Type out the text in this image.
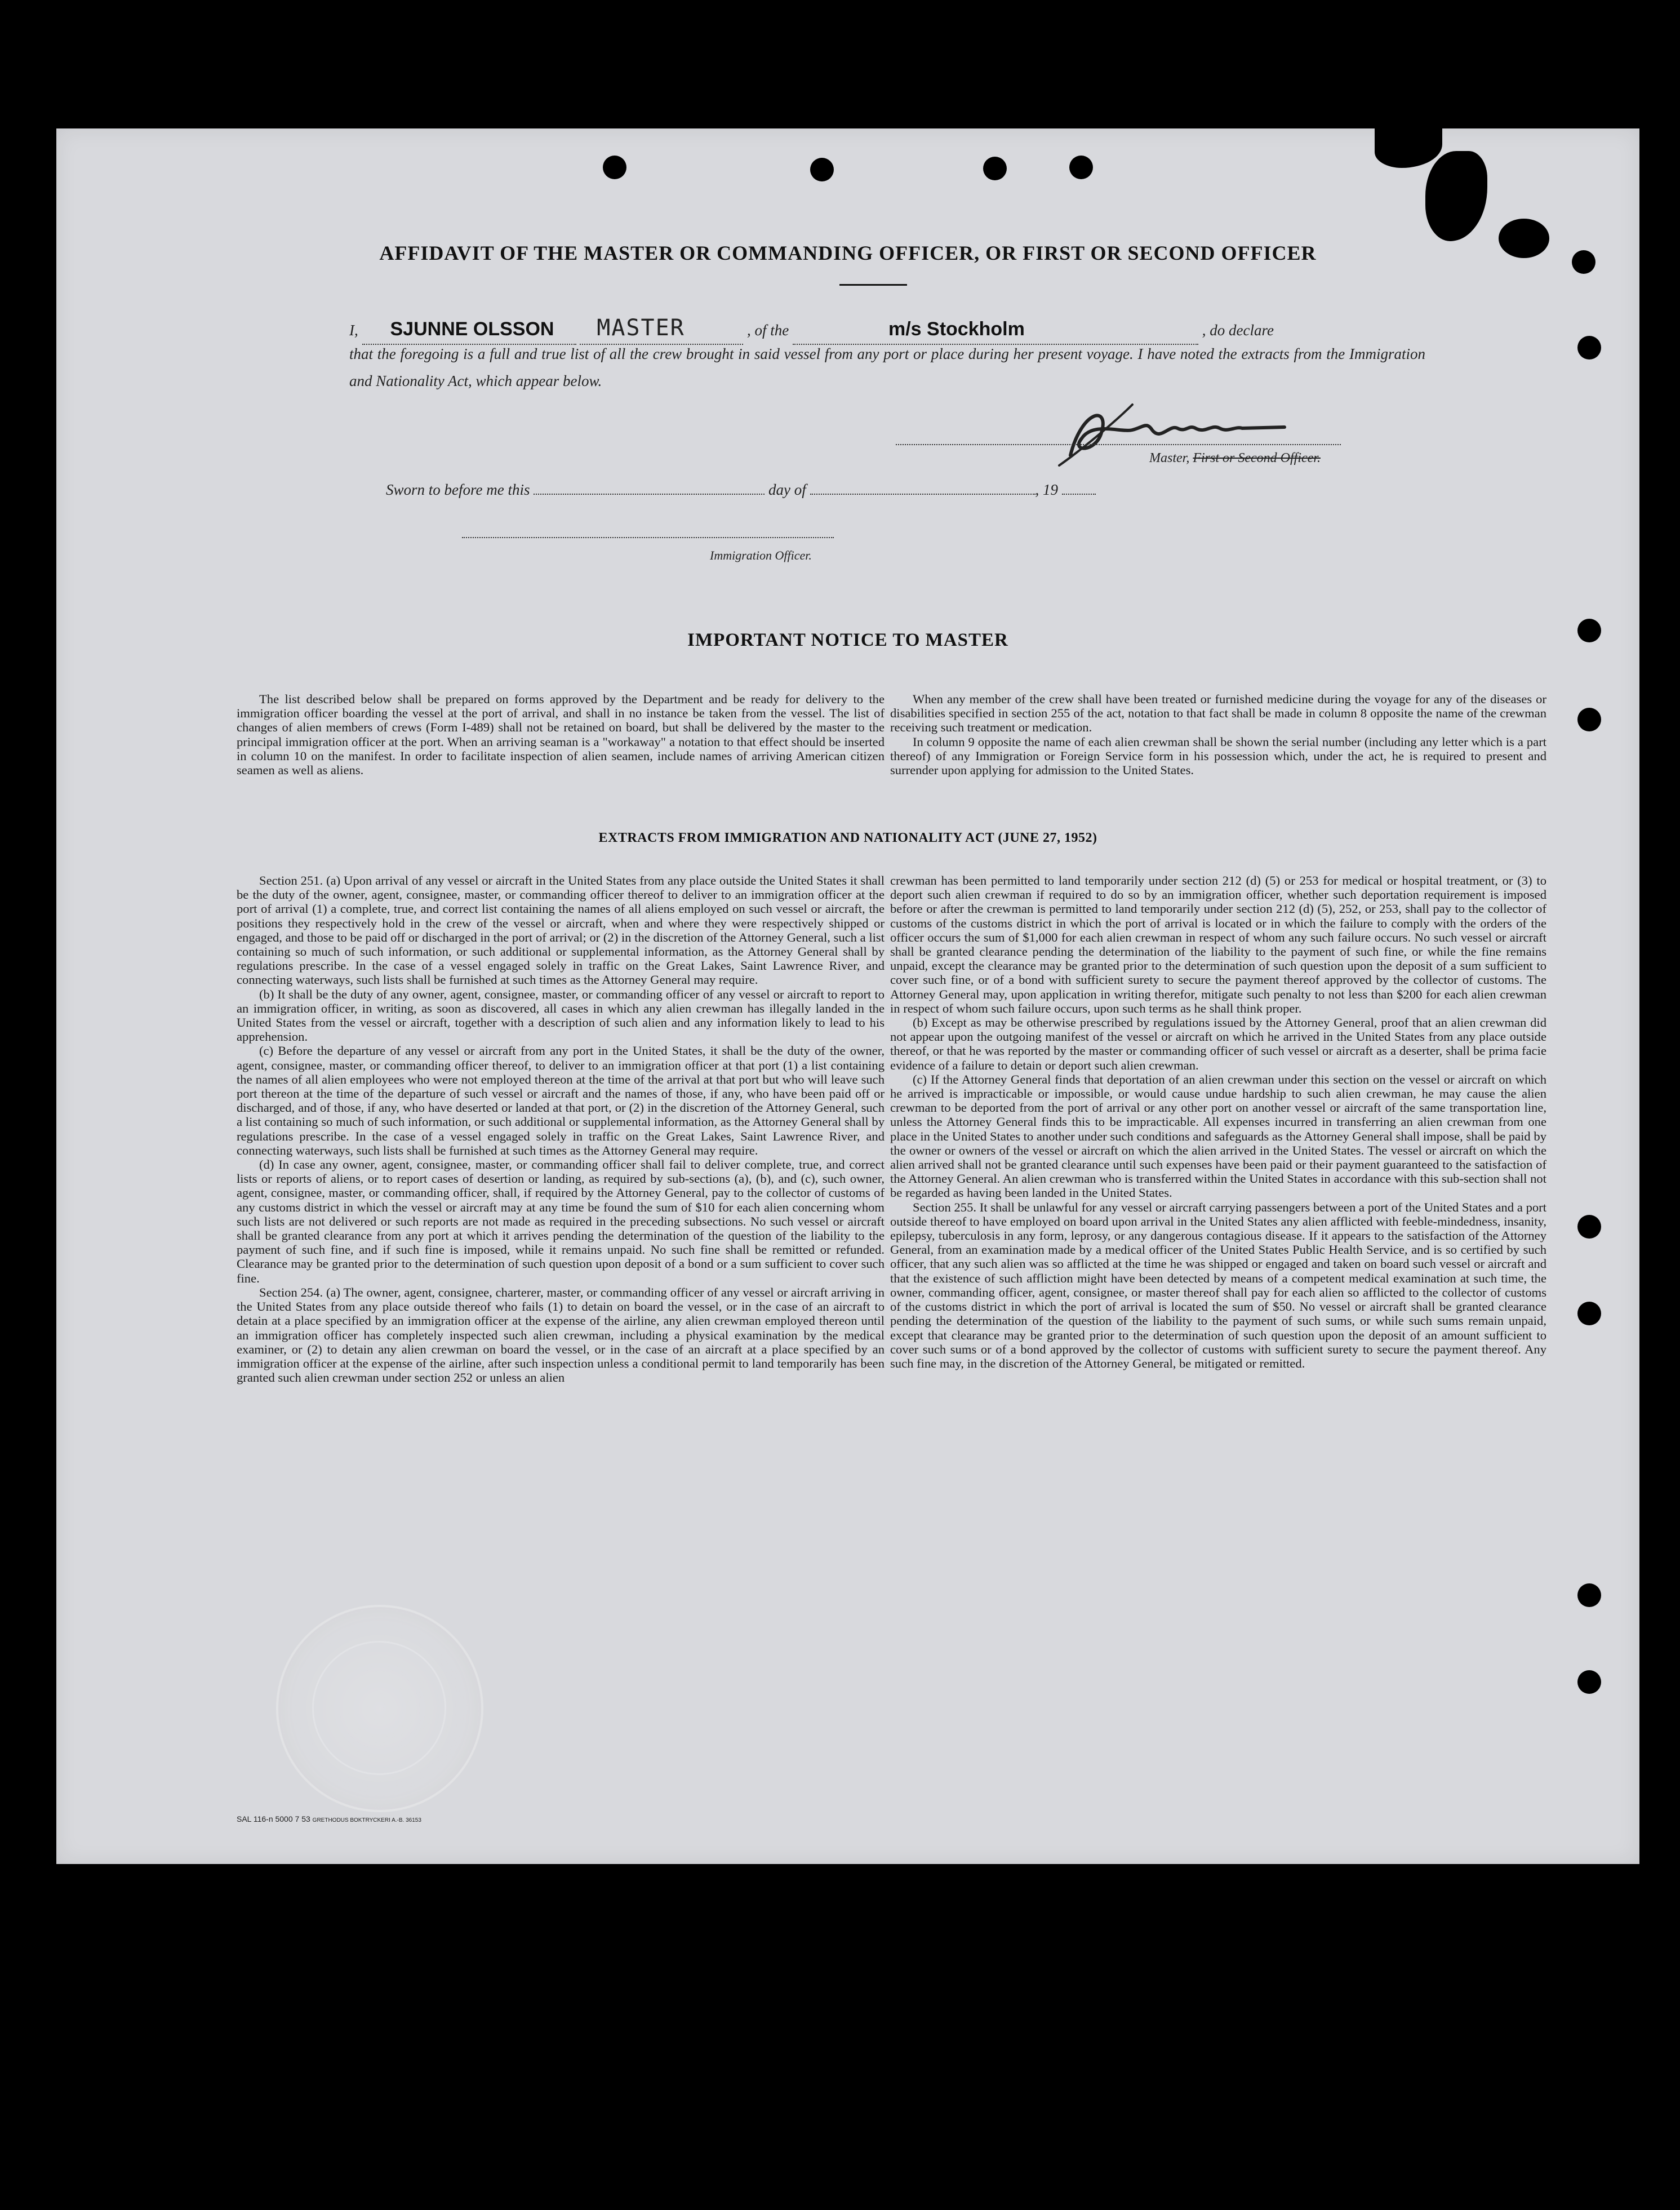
AFFIDAVIT OF THE MASTER OR COMMANDING OFFICER, OR FIRST OR SECOND OFFICER
I, SJUNNE OLSSON MASTER	, of the	m/s Stockholm	, do declare
that the foregoing is a full and true list of all the crew brought in said vessel from any port or place during her present voyage. I have noted the extracts from the Immigration and Nationality Act, which appear below.
G. Olsson
Master, First or Second Officer.
Sworn to before me this	day of	, 19
Immigration Officer.
IMPORTANT NOTICE TO MASTER

The list described below shall be prepared on forms approved by the Department and be ready for delivery to the immigration officer boarding the vessel at the port of arrival, and shall in no instance be taken from the vessel. The list of changes of alien members of crews (Form I-489) shall not be retained on board, but shall be delivered by the master to the principal immigration officer at the port. When an arriving seaman is a "workaway" a notation to that effect should be inserted in column 10 on the manifest. In order to facilitate inspection of alien seamen, include names of arriving American citizen seamen as well as aliens.

When any member of the crew shall have been treated or furnished medicine during the voyage for any of the diseases or disabilities specified in section 255 of the act, notation to that fact shall be made in column 8 opposite the name of the crewman receiving such treatment or medication.

In column 9 opposite the name of each alien crewman shall be shown the serial number (including any letter which is a part thereof) of any Immigration or Foreign Service form in his possession which, under the act, he is required to present and surrender upon applying for admission to the United States.

EXTRACTS FROM IMMIGRATION AND NATIONALITY ACT (JUNE 27, 1952)

Section 251. (a) Upon arrival of any vessel or aircraft in the United States from any place outside the United States it shall be the duty of the owner, agent, consignee, master, or commanding officer thereof to deliver to an immigration officer at the port of arrival (1) a complete, true, and correct list containing the names of all aliens employed on such vessel or aircraft, the positions they respectively hold in the crew of the vessel or aircraft, when and where they were respectively shipped or engaged, and those to be paid off or discharged in the port of arrival; or (2) in the discretion of the Attorney General, such a list containing so much of such information, or such additional or supplemental information, as the Attorney General shall by regulations prescribe. In the case of a vessel engaged solely in traffic on the Great Lakes, Saint Lawrence River, and connecting waterways, such lists shall be furnished at such times as the Attorney General may require.

(b) It shall be the duty of any owner, agent, consignee, master, or commanding officer of any vessel or aircraft to report to an immigration officer, in writing, as soon as discovered, all cases in which any alien crewman has illegally landed in the United States from the vessel or aircraft, together with a description of such alien and any information likely to lead to his apprehension.

(c) Before the departure of any vessel or aircraft from any port in the United States, it shall be the duty of the owner, agent, consignee, master, or commanding officer thereof, to deliver to an immigration officer at that port (1) a list containing the names of all alien employees who were not employed thereon at the time of the arrival at that port but who will leave such port thereon at the time of the departure of such vessel or aircraft and the names of those, if any, who have been paid off or discharged, and of those, if any, who have deserted or landed at that port, or (2) in the discretion of the Attorney General, such a list containing so much of such information, or such additional or supplemental information, as the Attorney General shall by regulations prescribe. In the case of a vessel engaged solely in traffic on the Great Lakes, Saint Lawrence River, and connecting waterways, such lists shall be furnished at such times as the Attorney General may require.

(d) In case any owner, agent, consignee, master, or commanding officer shall fail to deliver complete, true, and correct lists or reports of aliens, or to report cases of desertion or landing, as required by sub-sections (a), (b), and (c), such owner, agent, consignee, master, or commanding officer, shall, if required by the Attorney General, pay to the collector of customs of any customs district in which the vessel or aircraft may at any time be found the sum of $10 for each alien concerning whom such lists are not delivered or such reports are not made as required in the preceding subsections. No such vessel or aircraft shall be granted clearance from any port at which it arrives pending the determination of the question of the liability to the payment of such fine, and if such fine is imposed, while it remains unpaid. No such fine shall be remitted or refunded. Clearance may be granted prior to the determination of such question upon deposit of a bond or a sum sufficient to cover such fine.

Section 254. (a) The owner, agent, consignee, charterer, master, or commanding officer of any vessel or aircraft arriving in the United States from any place outside thereof who fails (1) to detain on board the vessel, or in the case of an aircraft to detain at a place specified by an immigration officer at the expense of the airline, any alien crewman employed thereon until an immigration officer has completely inspected such alien crewman, including a physical examination by the medical examiner, or (2) to detain any alien crewman on board the vessel, or in the case of an aircraft at a place specified by an immigration officer at the expense of the airline, after such inspection unless a conditional permit to land temporarily has been granted such alien crewman under section 252 or unless an alien

crewman has been permitted to land temporarily under section 212 (d) (5) or 253 for medical or hospital treatment, or (3) to deport such alien crewman if required to do so by an immigration officer, whether such deportation requirement is imposed before or after the crewman is permitted to land temporarily under section 212 (d) (5), 252, or 253, shall pay to the collector of customs of the customs district in which the port of arrival is located or in which the failure to comply with the orders of the officer occurs the sum of $1,000 for each alien crewman in respect of whom any such failure occurs. No such vessel or aircraft shall be granted clearance pending the determination of the liability to the payment of such fine, or while the fine remains unpaid, except the clearance may be granted prior to the determination of such question upon the deposit of a sum sufficient to cover such fine, or of a bond with sufficient surety to secure the payment thereof approved by the collector of customs. The Attorney General may, upon application in writing therefor, mitigate such penalty to not less than $200 for each alien crewman in respect of whom such failure occurs, upon such terms as he shall think proper.

(b) Except as may be otherwise prescribed by regulations issued by the Attorney General, proof that an alien crewman did not appear upon the outgoing manifest of the vessel or aircraft on which he arrived in the United States from any place outside thereof, or that he was reported by the master or commanding officer of such vessel or aircraft as a deserter, shall be prima facie evidence of a failure to detain or deport such alien crewman.

(c) If the Attorney General finds that deportation of an alien crewman under this section on the vessel or aircraft on which he arrived is impracticable or impossible, or would cause undue hardship to such alien crewman, he may cause the alien crewman to be deported from the port of arrival or any other port on another vessel or aircraft of the same transportation line, unless the Attorney General finds this to be impracticable. All expenses incurred in transferring an alien crewman from one place in the United States to another under such conditions and safeguards as the Attorney General shall impose, shall be paid by the owner or owners of the vessel or aircraft on which the alien arrived in the United States. The vessel or aircraft on which the alien arrived shall not be granted clearance until such expenses have been paid or their payment guaranteed to the satisfaction of the Attorney General. An alien crewman who is transferred within the United States in accordance with this sub-section shall not be regarded as having been landed in the United States.

Section 255. It shall be unlawful for any vessel or aircraft carrying passengers between a port of the United States and a port outside thereof to have employed on board upon arrival in the United States any alien afflicted with feeble-mindedness, insanity, epilepsy, tuberculosis in any form, leprosy, or any dangerous contagious disease. If it appears to the satisfaction of the Attorney General, from an examination made by a medical officer of the United States Public Health Service, and is so certified by such officer, that any such alien was so afflicted at the time he was shipped or engaged and taken on board such vessel or aircraft and that the existence of such affliction might have been detected by means of a competent medical examination at such time, the owner, commanding officer, agent, consignee, or master thereof shall pay for each alien so afflicted to the collector of customs of the customs district in which the port of arrival is located the sum of $50. No vessel or aircraft shall be granted clearance pending the determination of the question of the liability to the payment of such sums, or while such sums remain unpaid, except that clearance may be granted prior to the determination of such question upon the deposit of an amount sufficient to cover such sums or of a bond approved by the collector of customs with sufficient surety to secure the payment thereof. Any such fine may, in the discretion of the Attorney General, be mitigated or remitted.

SAL 116-n 5000 7 53 GRETHODUS BOKTRYCKERI A.-B. 36153
